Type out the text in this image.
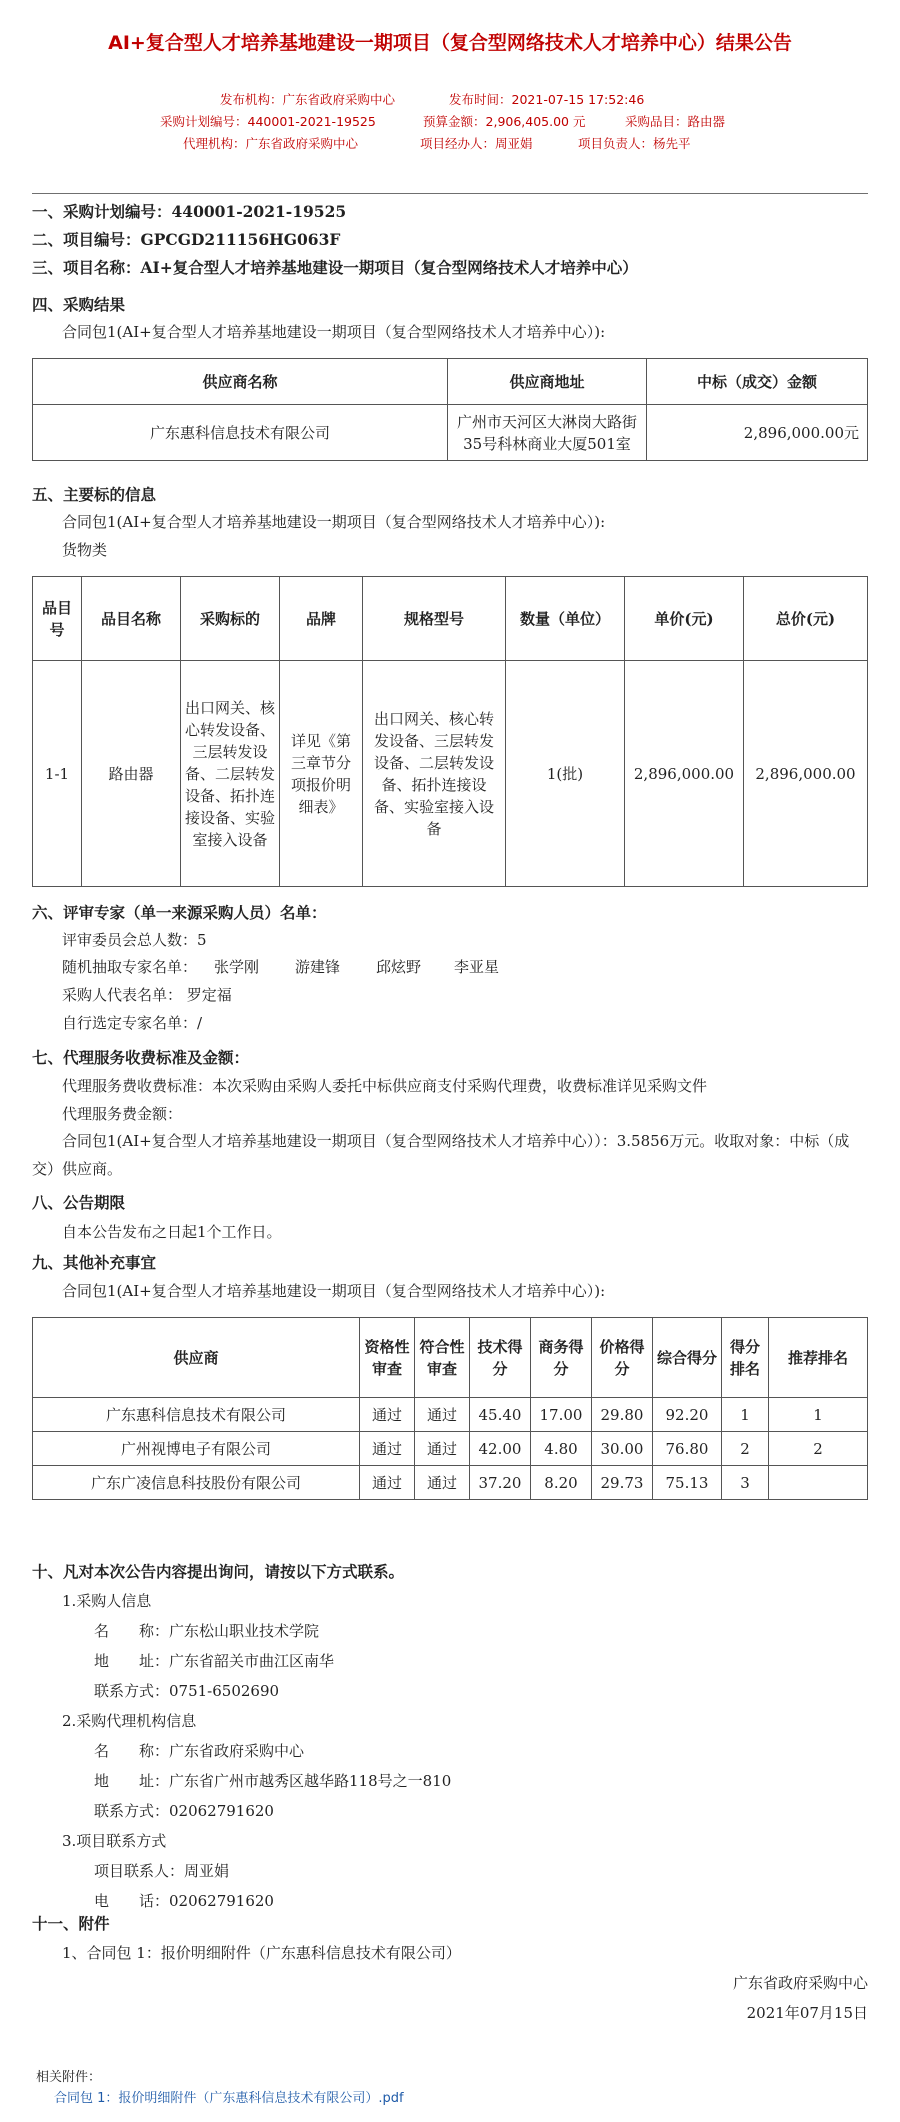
AI+复合型人才培养基地建设一期项目（复合型网络技术人才培养中心）结果公告
发布机构：广东省政府采购中心	发布时间：2021-07-15 17:52:46
采购计划编号：440001-2021-19525	预算金额：2,906,405.00 元	采购品目：路由器
代理机构：广东省政府采购中心	项目经办人：周亚娟	项目负责人：杨先平
一、采购计划编号：440001-2021-19525
二、项目编号：GPCGD211156HG063F
三、项目名称：AI+复合型人才培养基地建设一期项目（复合型网络技术人才培养中心）
四、采购结果
合同包1(AI+复合型人才培养基地建设一期项目（复合型网络技术人才培养中心）):
供应商名称	供应商地址	中标（成交）金额
广东惠科信息技术有限公司	广州市天河区大淋岗大路街35号科林商业大厦501室	2,896,000.00元
五、主要标的信息
合同包1(AI+复合型人才培养基地建设一期项目（复合型网络技术人才培养中心）):
货物类
品目号	品目名称	采购标的	品牌	规格型号	数量（单位）	单价(元)	总价(元)
1-1	路由器	出口网关、核心转发设备、三层转发设备、二层转发设备、拓扑连接设备、实验室接入设备	详见《第三章节分项报价明细表》	出口网关、核心转发设备、三层转发设备、二层转发设备、拓扑连接设备、实验室接入设备	1(批)	2,896,000.00	2,896,000.00
六、评审专家（单一来源采购人员）名单：
评审委员会总人数：5
随机抽取专家名单： 张学刚 游建锋 邱炫野 李亚星
采购人代表名单： 罗定福
自行选定专家名单：/
七、代理服务收费标准及金额：
代理服务费收费标准：本次采购由采购人委托中标供应商支付采购代理费，收费标准详见采购文件
代理服务费金额：
合同包1(AI+复合型人才培养基地建设一期项目（复合型网络技术人才培养中心））：3.5856万元。收取对象：中标（成交）供应商。
八、公告期限
自本公告发布之日起1个工作日。
九、其他补充事宜
合同包1(AI+复合型人才培养基地建设一期项目（复合型网络技术人才培养中心）):
供应商	资格性审查	符合性审查	技术得分	商务得分	价格得分	综合得分	得分排名	推荐排名
广东惠科信息技术有限公司	通过	通过	45.40	17.00	29.80	92.20	1	1
广州视博电子有限公司	通过	通过	42.00	4.80	30.00	76.80	2	2
广东广凌信息科技股份有限公司	通过	通过	37.20	8.20	29.73	75.13	3	
十、凡对本次公告内容提出询问，请按以下方式联系。
1.采购人信息
名　　称：广东松山职业技术学院
地　　址：广东省韶关市曲江区南华
联系方式：0751-6502690
2.采购代理机构信息
名　　称：广东省政府采购中心
地　　址：广东省广州市越秀区越华路118号之一810
联系方式：02062791620
3.项目联系方式
项目联系人：周亚娟
电　　话：02062791620
十一、附件
1、合同包 1：报价明细附件（广东惠科信息技术有限公司）
广东省政府采购中心
2021年07月15日
相关附件：
合同包 1：报价明细附件（广东惠科信息技术有限公司）.pdf
